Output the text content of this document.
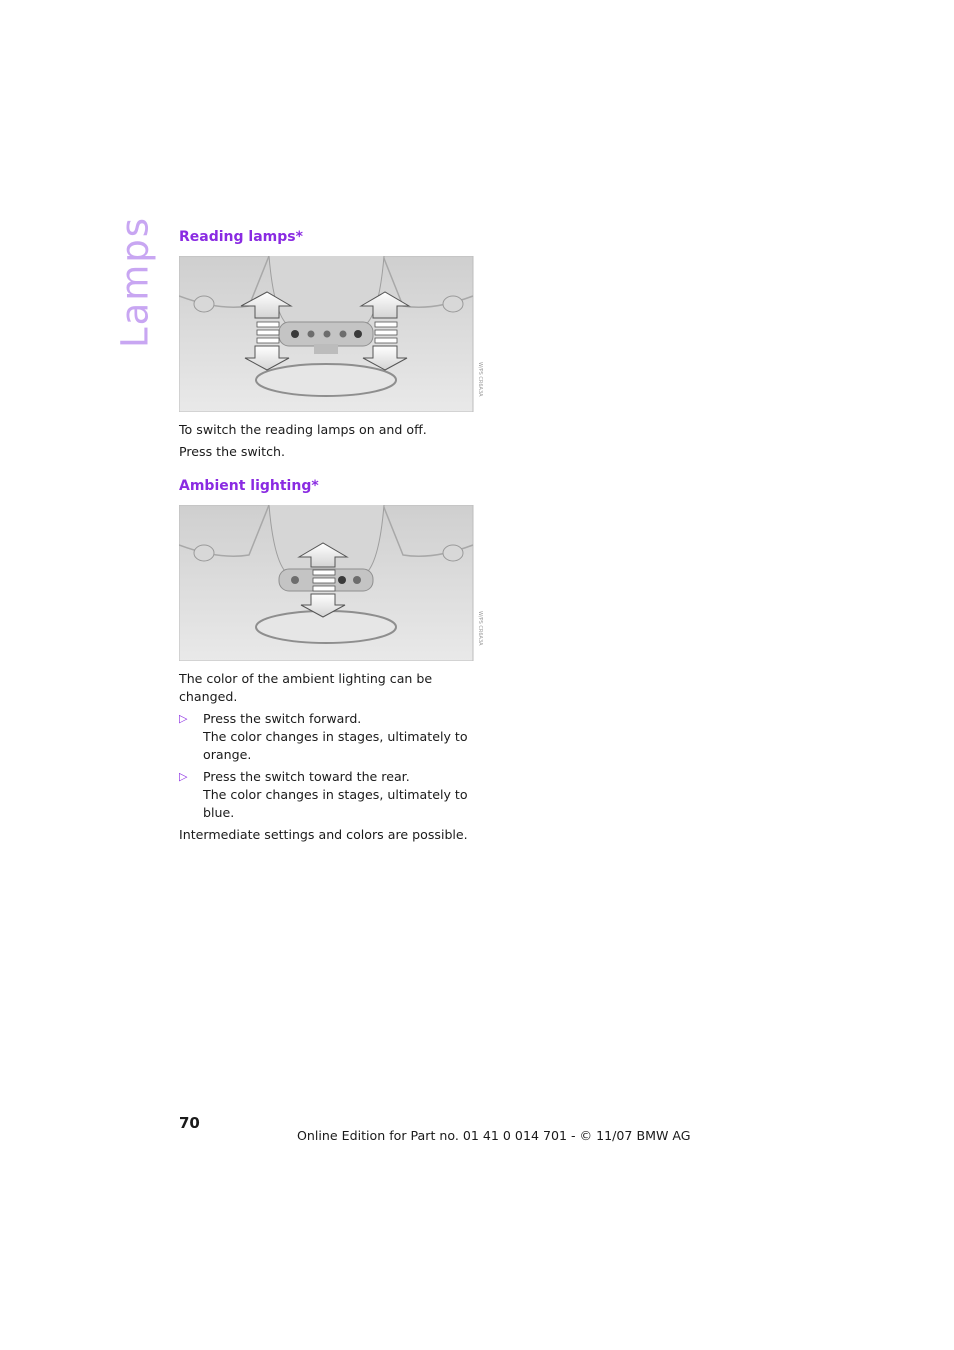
Lamps Reading lamps*
W/PS CR6A3A

To switch the reading lamps on and off.

Press the switch.

Ambient lighting*
W/PS CR6A3A

The color of the ambient lighting can be changed.

▷ Press the switch forward.
The color changes in stages, ultimately to orange.
▷ Press the switch toward the rear.
The color changes in stages, ultimately to blue.

Intermediate settings and colors are possible.

70
Online Edition for Part no. 01 41 0 014 701 - © 11/07 BMW AG
